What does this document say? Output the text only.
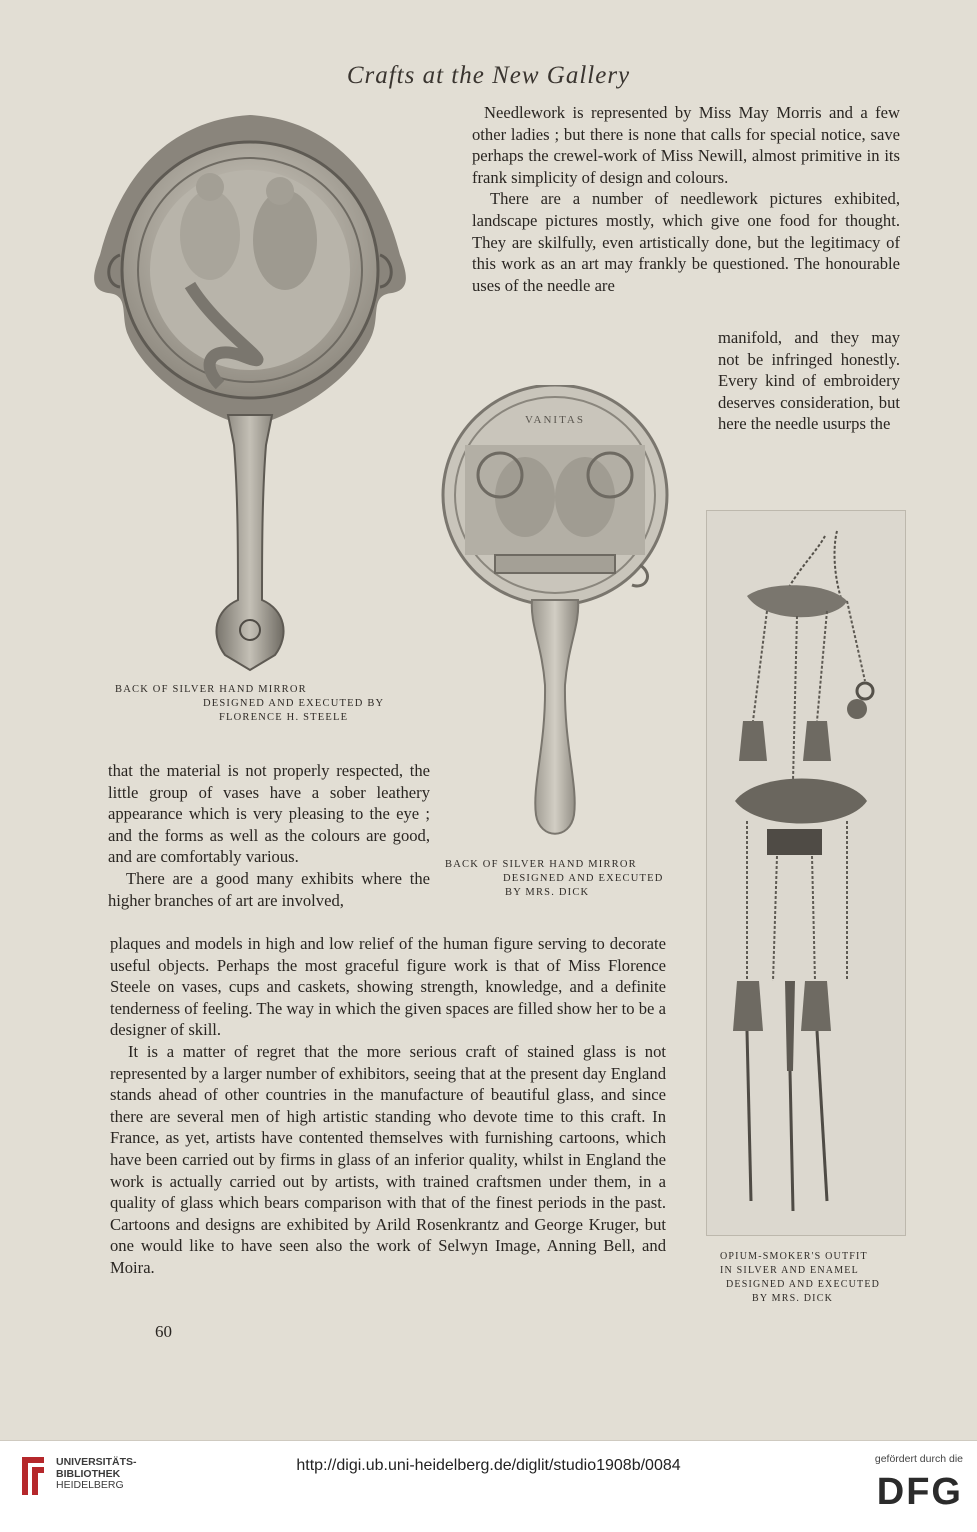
Crafts at the New Gallery
BACK OF SILVER HAND MIRROR
DESIGNED AND EXECUTED BY
FLORENCE H. STEELE

Needlework is represented by Miss May Morris and a few other ladies ; but there is none that calls for special notice, save perhaps the crewel-work of Miss Newill, almost primitive in its frank simplicity of design and colours.

There are a number of needlework pictures exhibited, landscape pictures mostly, which give one food for thought. They are skilfully, even artistically done, but the legitimacy of this work as an art may frankly be questioned. The honourable uses of the needle are

manifold, and they may not be infringed honestly. Every kind of embroidery deserves consideration, but here the needle usurps the

VANITAS
BACK OF SILVER HAND MIRROR
DESIGNED AND EXECUTED
BY MRS. DICK

that the material is not properly respected, the little group of vases have a sober leathery appearance which is very pleasing to the eye ; and the forms as well as the colours are good, and are comfortably various.

There are a good many exhibits where the higher branches of art are involved,

plaques and models in high and low relief of the human figure serving to decorate useful objects. Perhaps the most graceful figure work is that of Miss Florence Steele on vases, cups and caskets, showing strength, knowledge, and a definite tenderness of feeling. The way in which the given spaces are filled show her to be a designer of skill.

It is a matter of regret that the more serious craft of stained glass is not represented by a larger number of exhibitors, seeing that at the present day England stands ahead of other countries in the manufacture of beautiful glass, and since there are several men of high artistic standing who devote time to this craft. In France, as yet, artists have contented themselves with furnishing cartoons, which have been carried out by firms in glass of an inferior quality, whilst in England the work is actually carried out by artists, with trained craftsmen under them, in a quality of glass which bears comparison with that of the finest periods in the past. Cartoons and designs are exhibited by Arild Rosenkrantz and George Kruger, but one would like to have seen also the work of Selwyn Image, Anning Bell, and Moira.

OPIUM-SMOKER'S OUTFIT
IN SILVER AND ENAMEL
DESIGNED AND EXECUTED
BY MRS. DICK
60
UNIVERSITÄTS-
BIBLIOTHEK
HEIDELBERG
http://digi.ub.uni-heidelberg.de/diglit/studio1908b/0084	gefördert durch die
DFG
